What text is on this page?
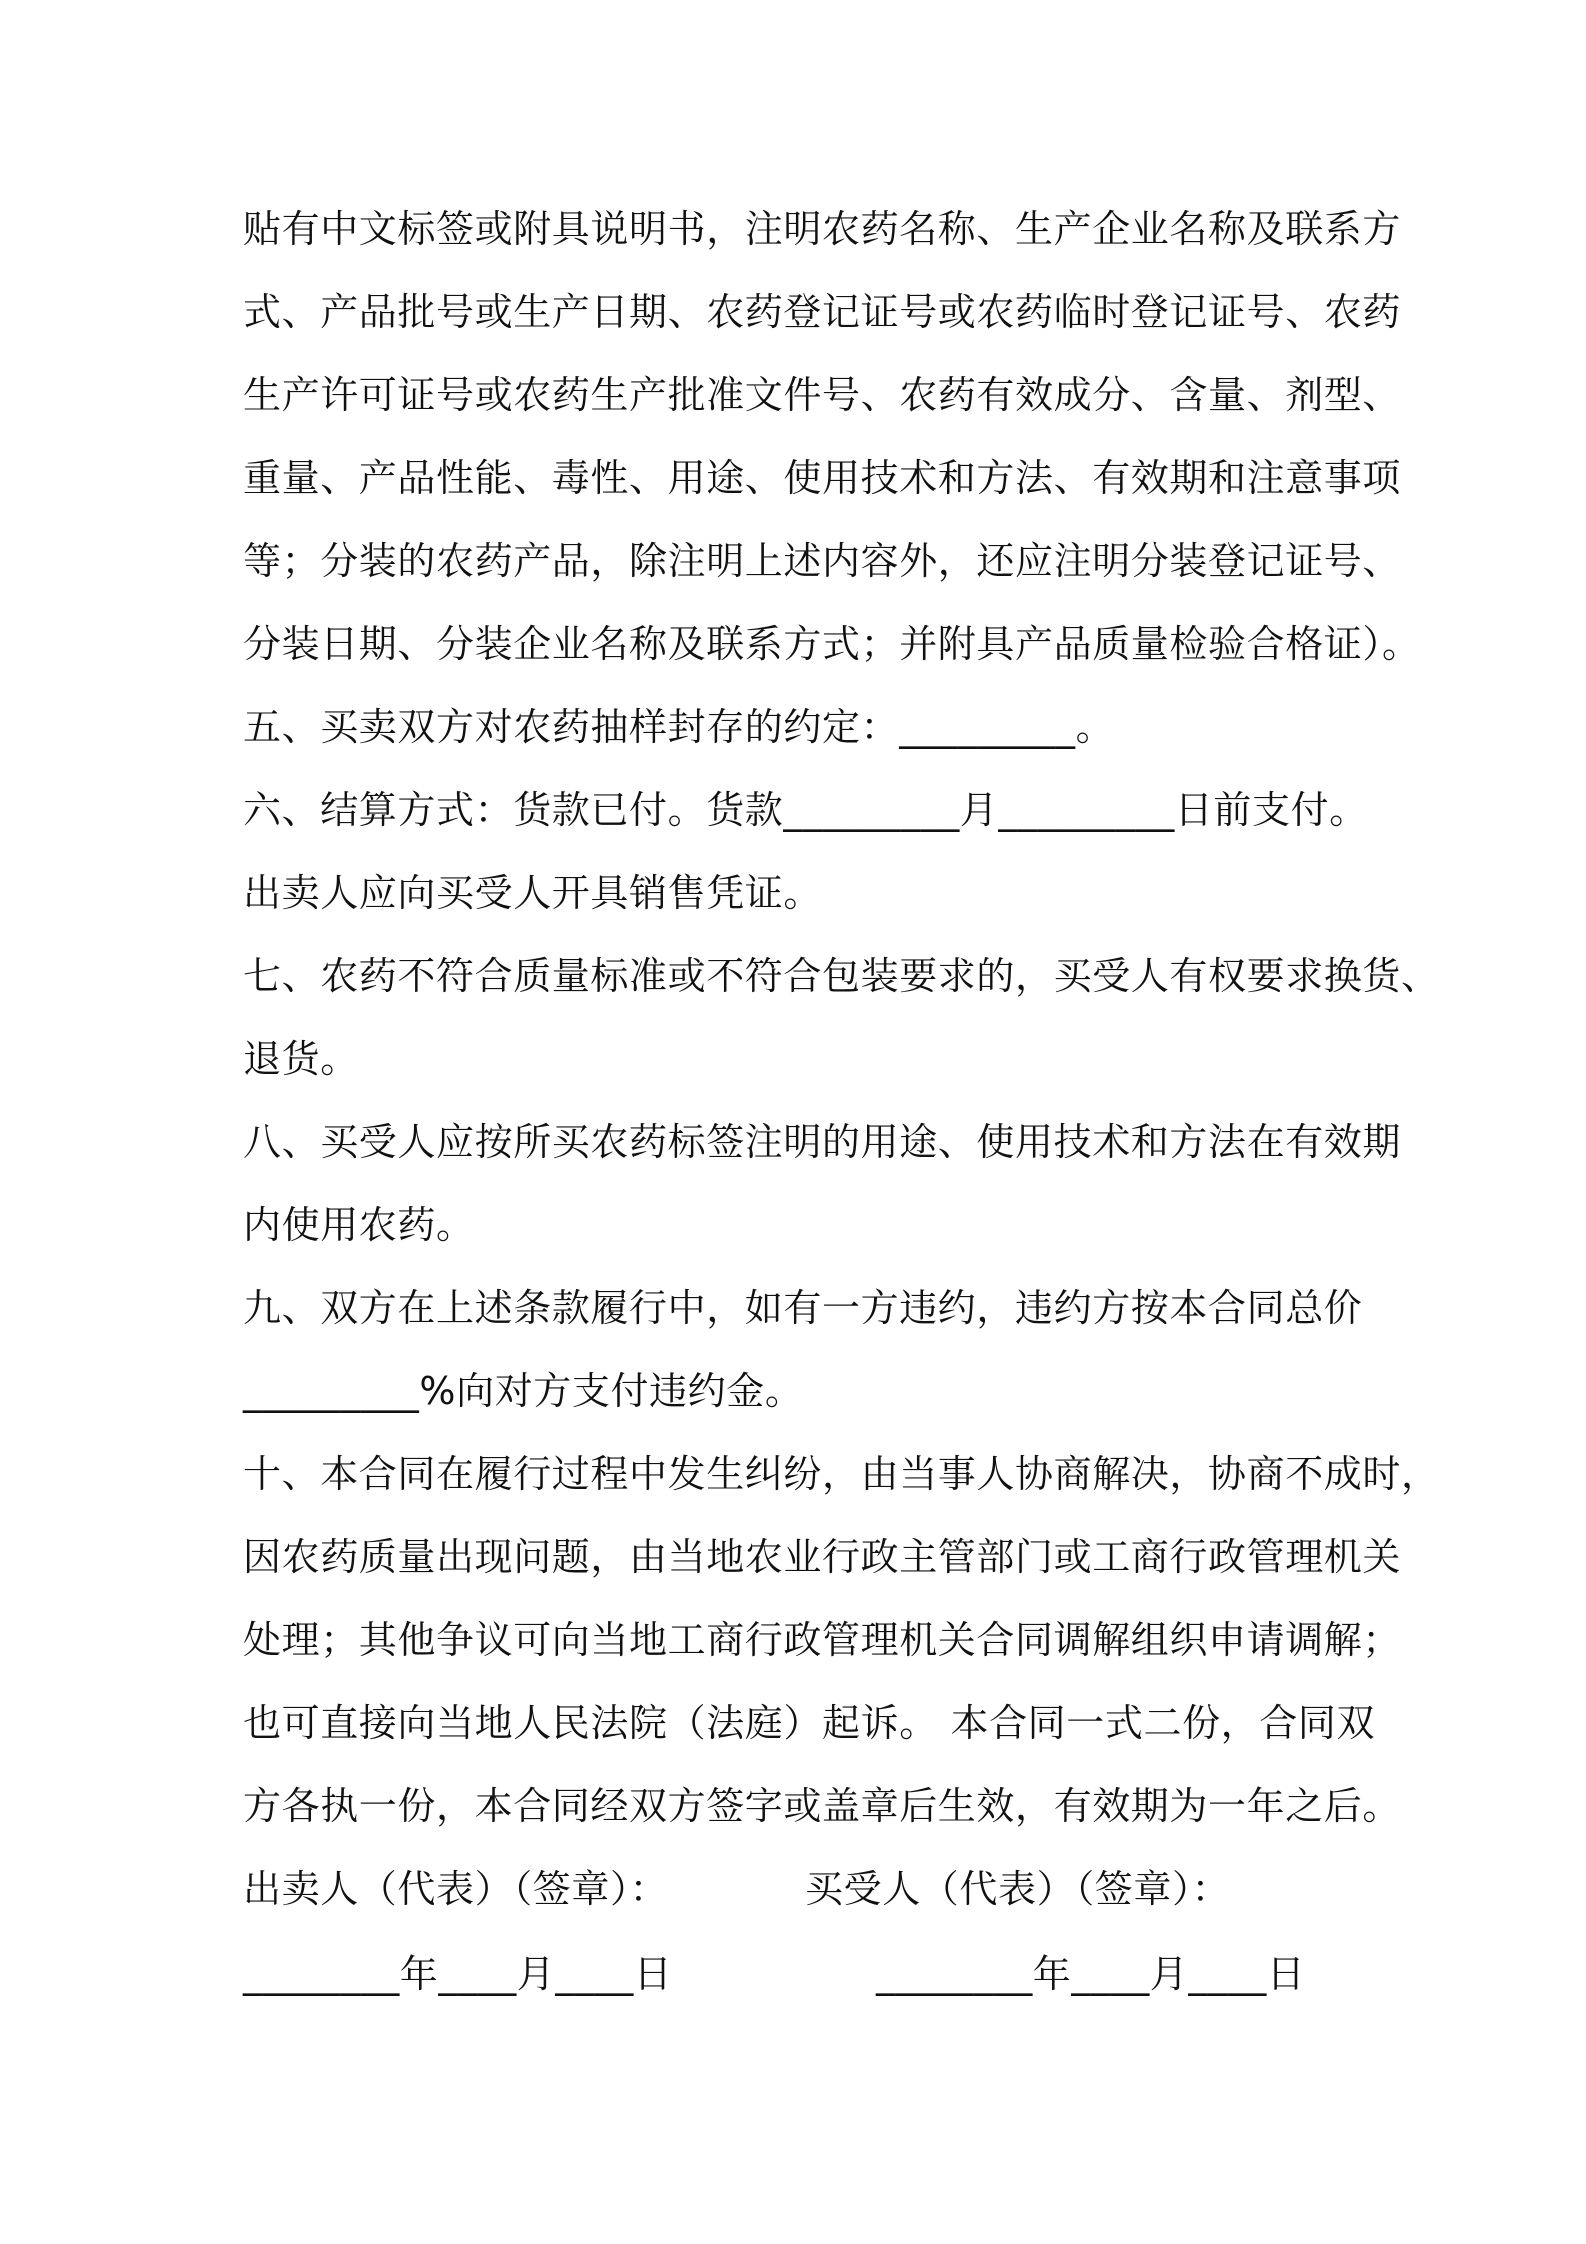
贴有中文标签或附具说明书，注明农药名称、生产企业名称及联系方
式、产品批号或生产日期、农药登记证号或农药临时登记证号、农药
生产许可证号或农药生产批准文件号、农药有效成分、含量、剂型、
重量、产品性能、毒性、用途、使用技术和方法、有效期和注意事项
等；分装的农药产品，除注明上述内容外，还应注明分装登记证号、
分装日期、分装企业名称及联系方式；并附具产品质量检验合格证）。
五、买卖双方对农药抽样封存的约定：_________。
六、结算方式：货款已付。货款_________月_________日前支付。
出卖人应向买受人开具销售凭证。
七、农药不符合质量标准或不符合包装要求的，买受人有权要求换货、
退货。
八、买受人应按所买农药标签注明的用途、使用技术和方法在有效期
内使用农药。
九、双方在上述条款履行中，如有一方违约，违约方按本合同总价
_________%向对方支付违约金。
十、本合同在履行过程中发生纠纷，由当事人协商解决，协商不成时，
因农药质量出现问题，由当地农业行政主管部门或工商行政管理机关
处理；其他争议可向当地工商行政管理机关合同调解组织申请调解；
也可直接向当地人民法院（法庭）起诉。 本合同一式二份，合同双
方各执一份，本合同经双方签字或盖章后生效，有效期为一年之后。
出卖人（代表）（签章）：	买受人（代表）（签章）：
________年____月____日	________年____月____日
